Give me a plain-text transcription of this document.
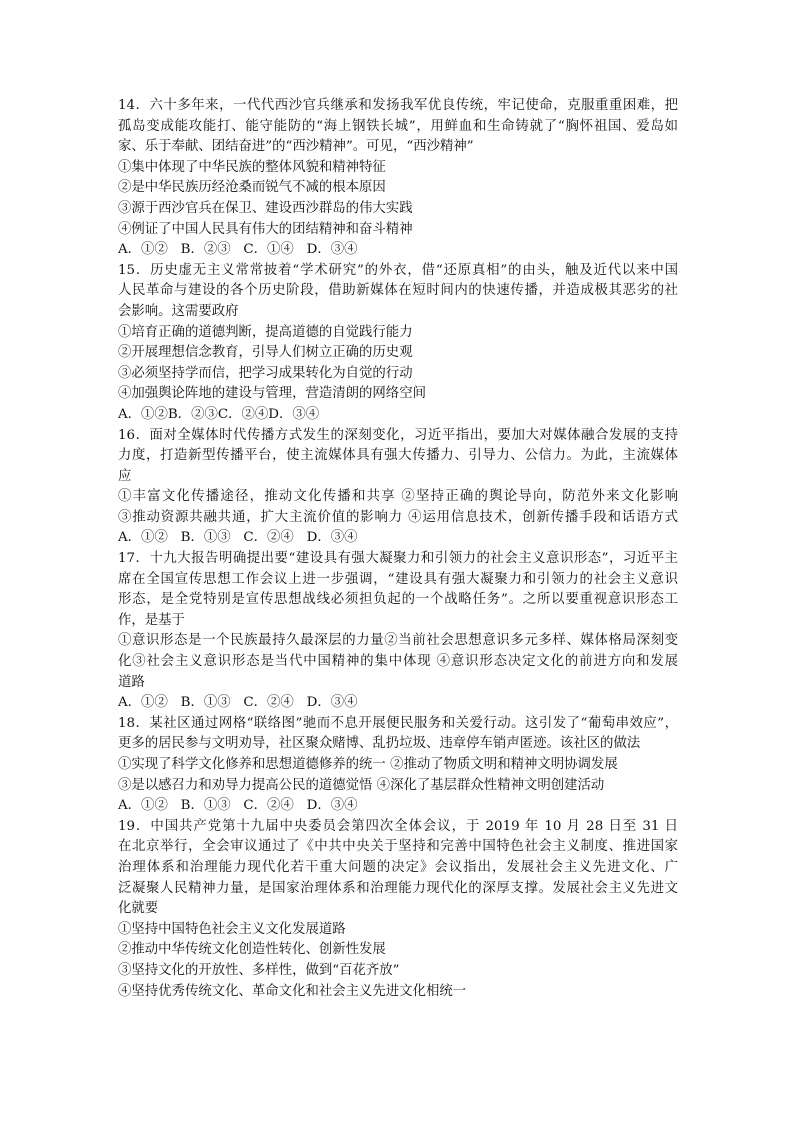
14．六十多年来，一代代西沙官兵继承和发扬我军优良传统，牢记使命，克服重重困难，把
孤岛变成能攻能打、能守能防的“海上钢铁长城”，用鲜血和生命铸就了“胸怀祖国、爱岛如
家、乐于奉献、团结奋进”的“西沙精神”。可见，“西沙精神”
①集中体现了中华民族的整体风貌和精神特征
②是中华民族历经沧桑而锐气不减的根本原因
③源于西沙官兵在保卫、建设西沙群岛的伟大实践
④例证了中国人民具有伟大的团结精神和奋斗精神
A．①②   B．②③   C．①④   D．③④
15．历史虚无主义常常披着“学术研究”的外衣，借“还原真相”的由头，触及近代以来中国
人民革命与建设的各个历史阶段，借助新媒体在短时间内的快速传播，并造成极其恶劣的社
会影响。这需要政府
①培育正确的道德判断，提高道德的自觉践行能力
②开展理想信念教育，引导人们树立正确的历史观
③必须坚持学而信，把学习成果转化为自觉的行动
④加强舆论阵地的建设与管理，营造清朗的网络空间
A．①②B．②③C．②④D．③④
16．面对全媒体时代传播方式发生的深刻变化，习近平指出，要加大对媒体融合发展的支持
力度，打造新型传播平台，使主流媒体具有强大传播力、引导力、公信力。为此，主流媒体
应
①丰富文化传播途径，推动文化传播和共享 ②坚持正确的舆论导向，防范外来文化影响
③推动资源共融共通，扩大主流价值的影响力 ④运用信息技术，创新传播手段和话语方式
A．①②   B．①③   C．②④   D．③④
17．十九大报告明确提出要“建设具有强大凝聚力和引领力的社会主义意识形态”，习近平主
席在全国宣传思想工作会议上进一步强调，“建设具有强大凝聚力和引领力的社会主义意识
形态，是全党特别是宣传思想战线必须担负起的一个战略任务”。之所以要重视意识形态工
作，是基于
①意识形态是一个民族最持久最深层的力量②当前社会思想意识多元多样、媒体格局深刻变
化③社会主义意识形态是当代中国精神的集中体现 ④意识形态决定文化的前进方向和发展
道路
A．①②   B．①③   C．②④   D．③④
18．某社区通过网格“联络图”驰而不息开展便民服务和关爱行动。这引发了“葡萄串效应”，
更多的居民参与文明劝导，社区聚众赌博、乱扔垃圾、违章停车销声匿迹。该社区的做法
①实现了科学文化修养和思想道德修养的统一 ②推动了物质文明和精神文明协调发展
③是以感召力和劝导力提高公民的道德觉悟 ④深化了基层群众性精神文明创建活动
A．①②   B．①③   C．②④   D．③④
19．中国共产党第十九届中央委员会第四次全体会议，于 2019 年 10 月 28 日至 31 日
在北京举行，全会审议通过了《中共中央关于坚持和完善中国特色社会主义制度、推进国家
治理体系和治理能力现代化若干重大问题的决定》会议指出，发展社会主义先进文化、广
泛凝聚人民精神力量，是国家治理体系和治理能力现代化的深厚支撑。发展社会主义先进文
化就要
①坚持中国特色社会主义文化发展道路
②推动中华传统文化创造性转化、创新性发展
③坚持文化的开放性、多样性，做到“百花齐放”
④坚持优秀传统文化、革命文化和社会主义先进文化相统一
